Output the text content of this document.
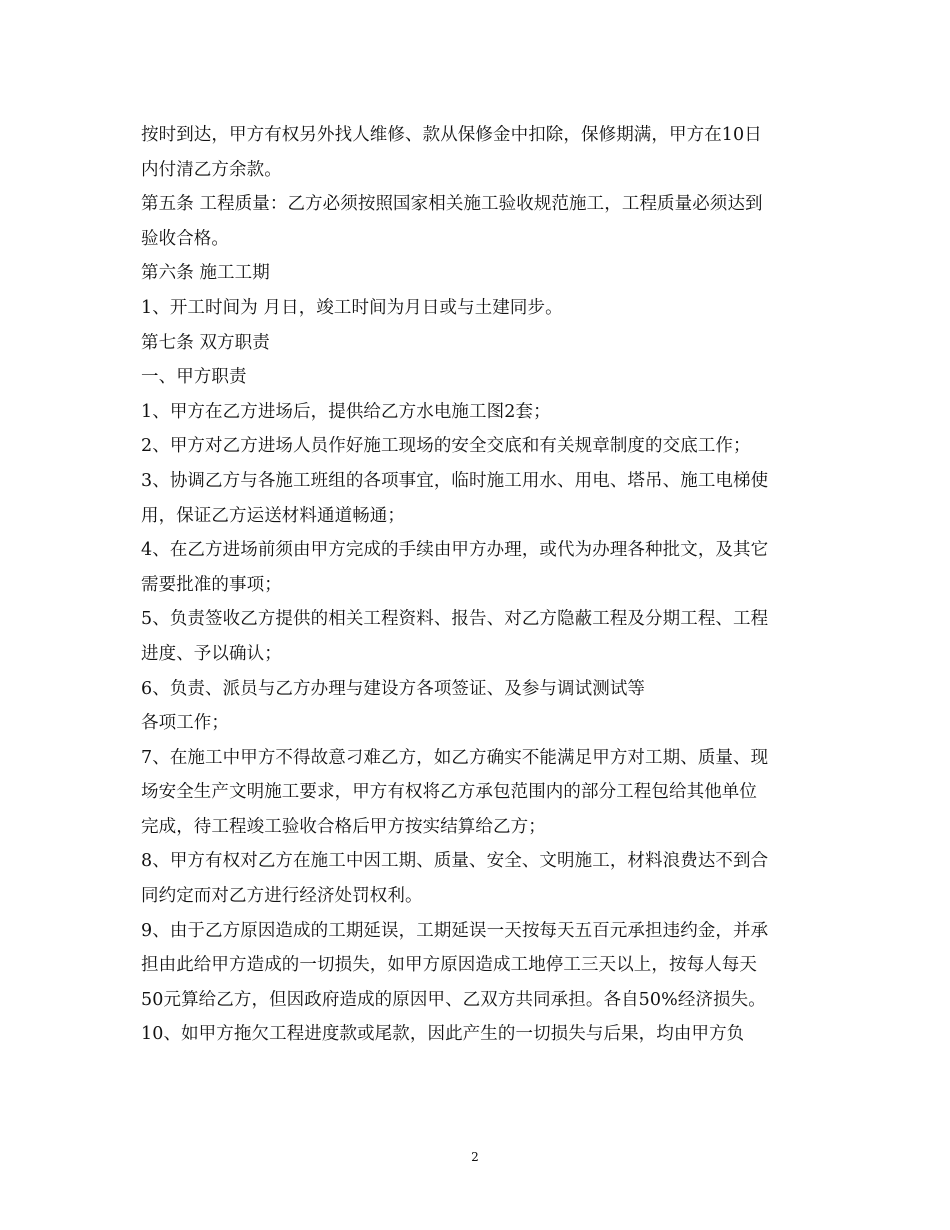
按时到达，甲方有权另外找人维修、款从保修金中扣除，保修期满，甲方在10日
内付清乙方余款。
第五条 工程质量：乙方必须按照国家相关施工验收规范施工，工程质量必须达到
验收合格。
第六条 施工工期
1、开工时间为 月日，竣工时间为月日或与土建同步。
第七条 双方职责
一、甲方职责
1、甲方在乙方进场后，提供给乙方水电施工图2套；
2、甲方对乙方进场人员作好施工现场的安全交底和有关规章制度的交底工作；
3、协调乙方与各施工班组的各项事宜，临时施工用水、用电、塔吊、施工电梯使
用，保证乙方运送材料通道畅通；
4、在乙方进场前须由甲方完成的手续由甲方办理，或代为办理各种批文，及其它
需要批准的事项；
5、负责签收乙方提供的相关工程资料、报告、对乙方隐蔽工程及分期工程、工程
进度、予以确认；
6、负责、派员与乙方办理与建设方各项签证、及参与调试测试等
各项工作；
7、在施工中甲方不得故意刁难乙方，如乙方确实不能满足甲方对工期、质量、现
场安全生产文明施工要求，甲方有权将乙方承包范围内的部分工程包给其他单位
完成，待工程竣工验收合格后甲方按实结算给乙方；
8、甲方有权对乙方在施工中因工期、质量、安全、文明施工，材料浪费达不到合
同约定而对乙方进行经济处罚权利。
9、由于乙方原因造成的工期延误，工期延误一天按每天五百元承担违约金，并承
担由此给甲方造成的一切损失，如甲方原因造成工地停工三天以上，按每人每天
50元算给乙方，但因政府造成的原因甲、乙双方共同承担。各自50%经济损失。
10、如甲方拖欠工程进度款或尾款，因此产生的一切损失与后果，均由甲方负
2
